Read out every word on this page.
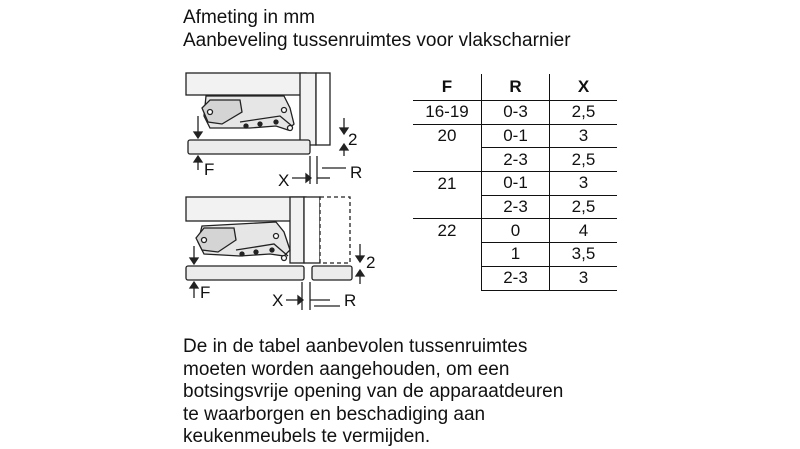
Afmeting in mm
Aanbeveling tussenruimtes voor vlakscharnier
F
2
X	R
F
2
X	R
F	R	X
16-19	0-3	2,5
20	0-1	3
	2-3	2,5
21	0-1	3
	2-3	2,5
22	0	4
	1	3,5
	2-3	3
De in de tabel aanbevolen tussenruimtes
moeten worden aangehouden, om een
botsingsvrije opening van de apparaatdeuren
te waarborgen en beschadiging aan
keukenmeubels te vermijden.
